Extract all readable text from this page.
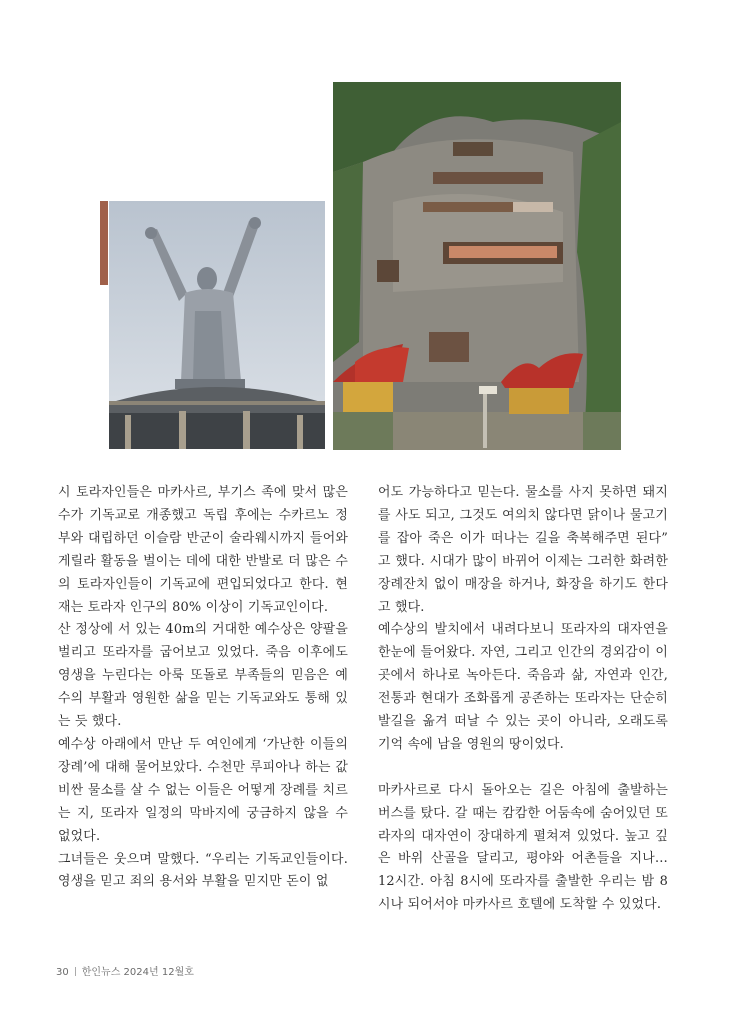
시 토라자인들은 마카사르, 부기스 족에 맞서 많은 수가 기독교로 개종했고 독립 후에는 수카르노 정부와 대립하던 이슬람 반군이 술라웨시까지 들어와 게릴라 활동을 벌이는 데에 대한 반발로 더 많은 수의 토라자인들이 기독교에 편입되었다고 한다. 현재는 토라자 인구의 80% 이상이 기독교인이다.

산 정상에 서 있는 40m의 거대한 예수상은 양팔을 벌리고 또라자를 굽어보고 있었다. 죽음 이후에도 영생을 누린다는 아룩 또돌로 부족들의 믿음은 예수의 부활과 영원한 삶을 믿는 기독교와도 통해 있는 듯 했다.

예수상 아래에서 만난 두 여인에게 ‘가난한 이들의 장례’에 대해 물어보았다. 수천만 루피아나 하는 값비싼 물소를 살 수 없는 이들은 어떻게 장례를 치르는 지, 또라자 일정의 막바지에 궁금하지 않을 수 없었다.

그녀들은 웃으며 말했다. “우리는 기독교인들이다. 영생을 믿고 죄의 용서와 부활을 믿지만 돈이 없

어도 가능하다고 믿는다. 물소를 사지 못하면 돼지를 사도 되고, 그것도 여의치 않다면 닭이나 물고기를 잡아 죽은 이가 떠나는 길을 축복해주면 된다” 고 했다. 시대가 많이 바뀌어 이제는 그러한 화려한 장례잔치 없이 매장을 하거나, 화장을 하기도 한다고 했다.

예수상의 발치에서 내려다보니 또라자의 대자연을 한눈에 들어왔다. 자연, 그리고 인간의 경외감이 이곳에서 하나로 녹아든다. 죽음과 삶, 자연과 인간, 전통과 현대가 조화롭게 공존하는 또라자는 단순히 발길을 옮겨 떠날 수 있는 곳이 아니라, 오래도록 기억 속에 남을 영원의 땅이었다.

마카사르로 다시 돌아오는 길은 아침에 출발하는 버스를 탔다. 갈 때는 캄캄한 어둠속에 숨어있던 또라자의 대자연이 장대하게 펼쳐져 있었다. 높고 깊은 바위 산골을 달리고, 평야와 어촌들을 지나… 12시간. 아침 8시에 또라자를 출발한 우리는 밤 8시나 되어서야 마카사르 호텔에 도착할 수 있었다.

30 한인뉴스 2024년 12월호
